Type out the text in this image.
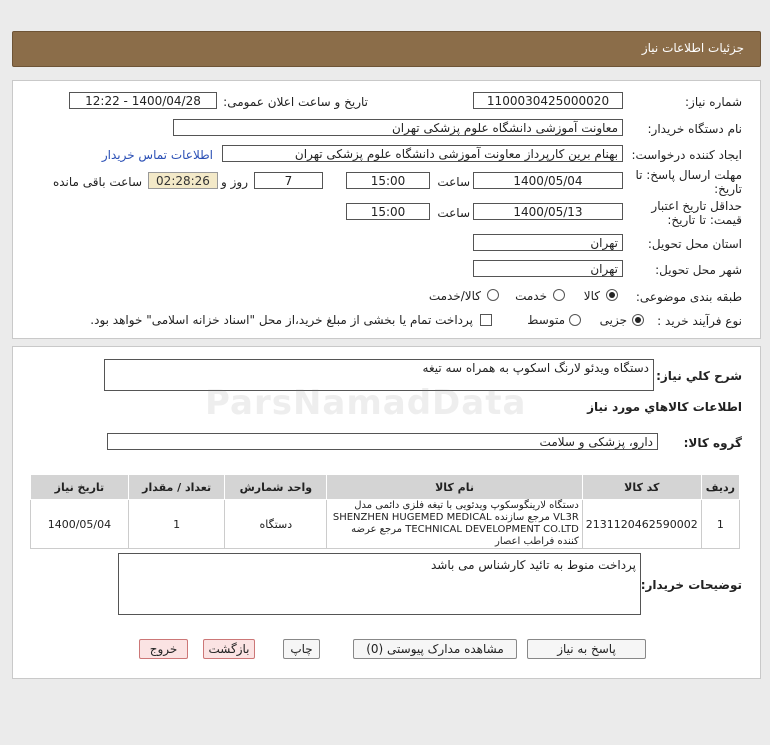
جزئیات اطلاعات نیاز
شماره نیاز:
1100030425000020
تاریخ و ساعت اعلان عمومی:
1400/04/28 - 12:22
نام دستگاه خریدار:
معاونت آموزشی دانشگاه علوم پزشکی تهران
ایجاد کننده درخواست:
بهنام برین کارپرداز معاونت آموزشی دانشگاه علوم پزشکی تهران
اطلاعات تماس خریدار
مهلت ارسال پاسخ: تا
تاریخ:
1400/05/04
ساعت
15:00
7
روز و
02:28:26
ساعت باقی مانده
حداقل تاریخ اعتبار
قیمت: تا تاریخ:
1400/05/13
ساعت
15:00
استان محل تحویل:
تهران
شهر محل تحویل:
تهران
طبقه بندی موضوعی:
کالا
خدمت
کالا/خدمت
نوع فرآیند خرید :
جزیی
متوسط
پرداخت تمام یا بخشی از مبلغ خرید،از محل "اسناد خزانه اسلامی" خواهد بود.
شرح کلي نیاز:
دستگاه ویدئو لارنگ اسکوپ به همراه سه تیغه
اطلاعات کالاهاي مورد نیاز
گروه کالا:
دارو، پزشکی و سلامت
ردیف	کد کالا	نام کالا	واحد شمارش	تعداد / مقدار	تاریخ نیاز
1	2131120462590002	دستگاه لارینگوسکوپ ویدئویی با تیغه فلزی دائمی مدل VL3R مرجع سازنده SHENZHEN HUGEMED MEDICAL TECHNICAL DEVELOPMENT CO.LTD مرجع عرضه کننده فراطب اعصار	دستگاه	1	1400/05/04
توضیحات خریدار:
پرداخت منوط به تائید کارشناس می باشد
پاسخ به نیاز
مشاهده مدارک پیوستی (0)
چاپ
بازگشت
خروج
